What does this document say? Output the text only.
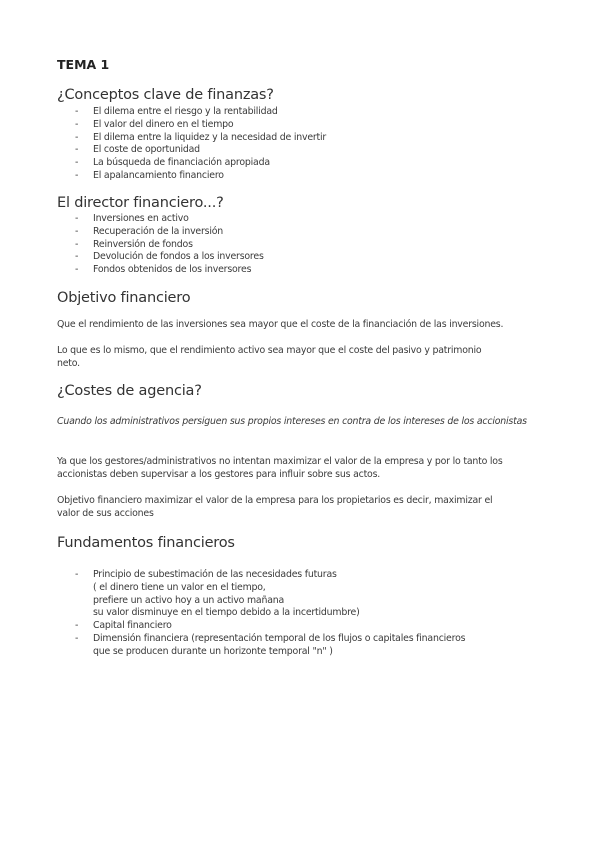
TEMA 1
¿Conceptos clave de finanzas?
- El dilema entre el riesgo y la rentabilidad
- El valor del dinero en el tiempo
- El dilema entre la liquidez y la necesidad de invertir
- El coste de oportunidad
- La búsqueda de financiación apropiada
- El apalancamiento financiero
El director financiero...?
- Inversiones en activo
- Recuperación de la inversión
- Reinversión de fondos
- Devolución de fondos a los inversores
- Fondos obtenidos de los inversores
Objetivo financiero
Que el rendimiento de las inversiones sea mayor que el coste de la financiación de las inversiones.
Lo que es lo mismo, que el rendimiento activo sea mayor que el coste del pasivo y patrimonio neto.
¿Costes de agencia?
Cuando los administrativos persiguen sus propios intereses en contra de los intereses de los accionistas
Ya que los gestores/administrativos no intentan maximizar el valor de la empresa y por lo tanto los accionistas deben supervisar a los gestores para influir sobre sus actos.
Objetivo financiero maximizar el valor de la empresa para los propietarios es decir, maximizar el valor de sus acciones
Fundamentos financieros
- Principio de subestimación de las necesidades futuras
( el dinero tiene un valor en el tiempo,
prefiere un activo hoy a un activo mañana
su valor disminuye en el tiempo debido a la incertidumbre)
- Capital financiero
- Dimensión financiera (representación temporal de los flujos o capitales financieros
que se producen durante un horizonte temporal "n" )
